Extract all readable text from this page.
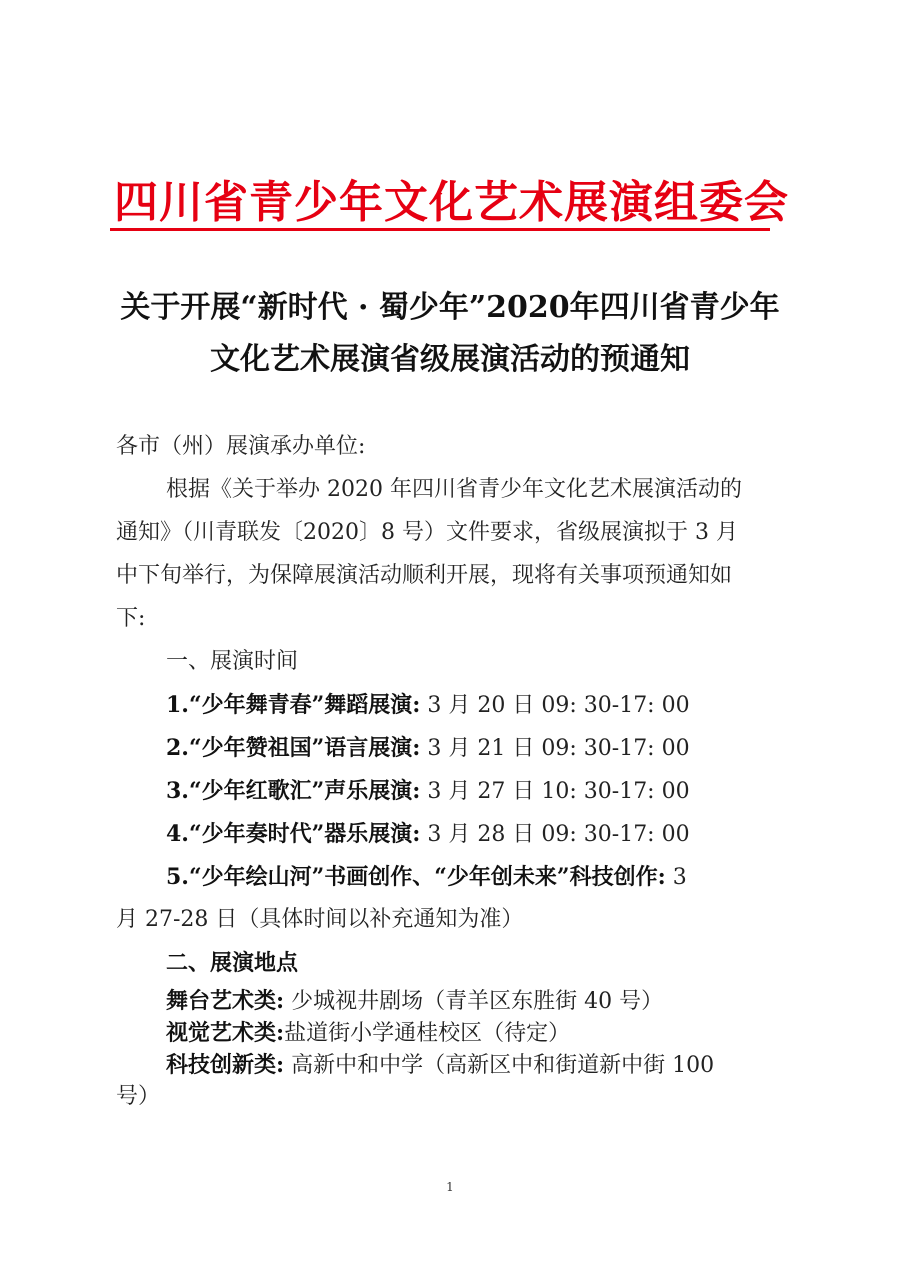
四川省青少年文化艺术展演组委会
关于开展“新时代 · 蜀少年”2020年四川省青少年
文化艺术展演省级展演活动的预通知
各市（州）展演承办单位:
根据《关于举办 2020 年四川省青少年文化艺术展演活动的
通知》（川青联发〔2020〕8 号）文件要求，省级展演拟于 3 月
中下旬举行，为保障展演活动顺利开展，现将有关事项预通知如
下:
一、展演时间
1.“少年舞青春”舞蹈展演: 3 月 20 日 09: 30-17: 00
2.“少年赞祖国”语言展演: 3 月 21 日 09: 30-17: 00
3.“少年红歌汇”声乐展演: 3 月 27 日 10: 30-17: 00
4.“少年奏时代”器乐展演: 3 月 28 日 09: 30-17: 00
5.“少年绘山河”书画创作、“少年创未来”科技创作: 3
月 27-28 日（具体时间以补充通知为准）
二、展演地点
舞台艺术类: 少城视井剧场（青羊区东胜街 40 号）
视觉艺术类:盐道街小学通桂校区（待定）
科技创新类: 高新中和中学（高新区中和街道新中街 100
号）
1
